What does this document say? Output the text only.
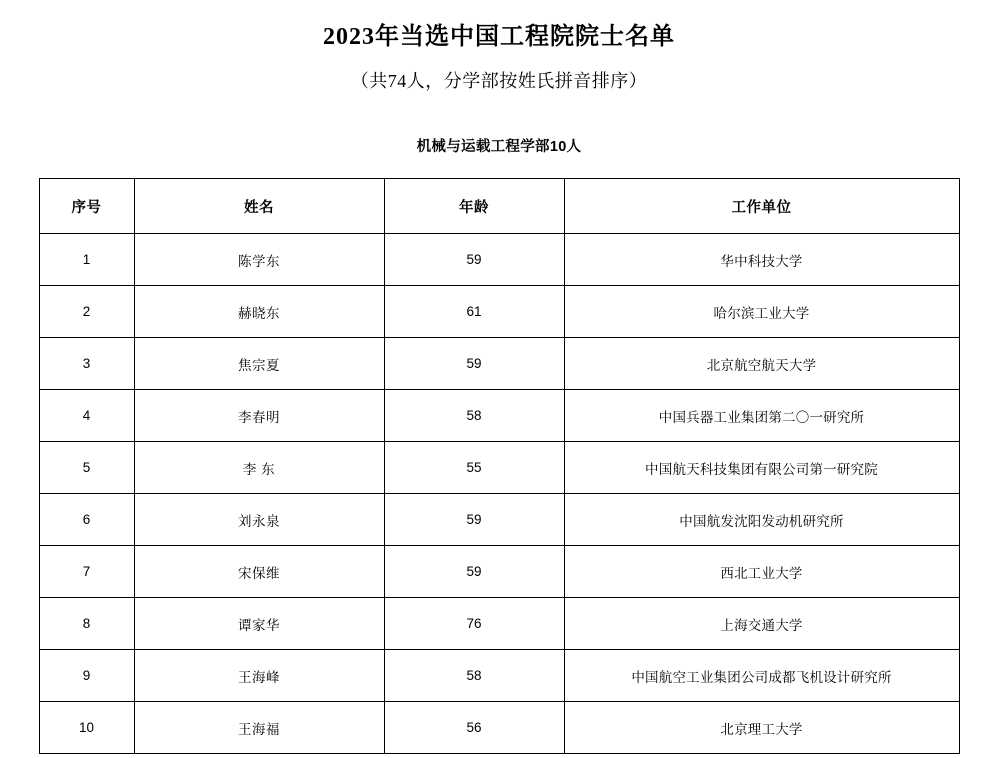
2023年当选中国工程院院士名单

（共74人，分学部按姓氏拼音排序）

机械与运载工程学部10人
序号	姓名	年龄	工作单位
1	陈学东	59	华中科技大学
2	赫晓东	61	哈尔滨工业大学
3	焦宗夏	59	北京航空航天大学
4	李春明	58	中国兵器工业集团第二〇一研究所
5	李 东	55	中国航天科技集团有限公司第一研究院
6	刘永泉	59	中国航发沈阳发动机研究所
7	宋保维	59	西北工业大学
8	谭家华	76	上海交通大学
9	王海峰	58	中国航空工业集团公司成都飞机设计研究所
10	王海福	56	北京理工大学
